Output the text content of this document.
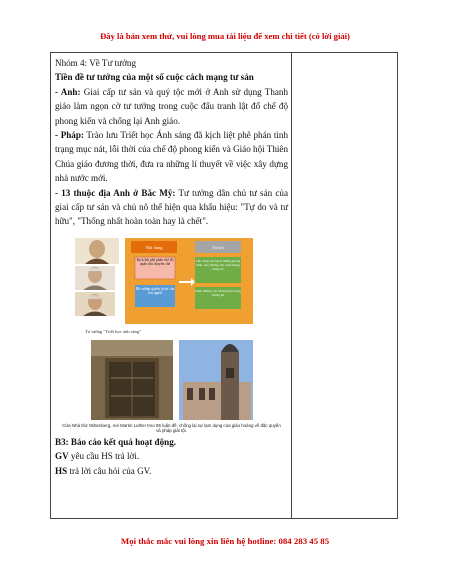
Đây là bản xem thử, vui lòng mua tài liệu để xem chi tiết (có lời giải)

Nhóm 4: Về Tư tưởng

Tiền đề tư tưởng của một số cuộc cách mạng tư sản

- Anh: Giai cấp tư sản và quý tộc mới ở Anh sử dụng Thanh giáo làm ngọn cờ tư tưởng trong cuộc đấu tranh lật đổ chế độ phong kiến và chống lại Anh giáo.

- Pháp: Trào lưu Triết học Ánh sáng đã kịch liệt phê phán tình trạng mục nát, lỗi thời của chế độ phong kiến và Giáo hội Thiên Chúa giáo đương thời, đưa ra những lí thuyết về việc xây dựng nhà nước mới.

- 13 thuộc địa Anh ở Bắc Mỹ: Tư tưởng dân chủ tư sản của giai cấp tư sản và chủ nô thể hiện qua khẩu hiệu: "Tự do và tư hữu", "Thống nhất hoàn toàn hay là chết".

Nội dung	Vai trò
Kịch liệt phê phán chế độ quân chủ chuyên chế
Đề xướng quyền tự do của con người
Tấn công vào hệ tư tưởng phong kiến, dọn đường cho cách mạng bùng nổ
Dinh dưỡng cho xã hội mới trong tương lai
Tư tưởng "Triết học ánh sáng"
Cửa Nhà thờ Wittenberg, nơi Martin Luther treo 95 luận đề, chống lại sự lạm dụng của giáo hoàng về đặc quyền và pháp giải tội.

B3: Báo cáo kết quả hoạt động.

GV yêu cầu HS trả lời.

HS trả lời câu hỏi của GV.

Mọi thắc mắc vui lòng xin liên hệ hotline: 084 283 45 85
